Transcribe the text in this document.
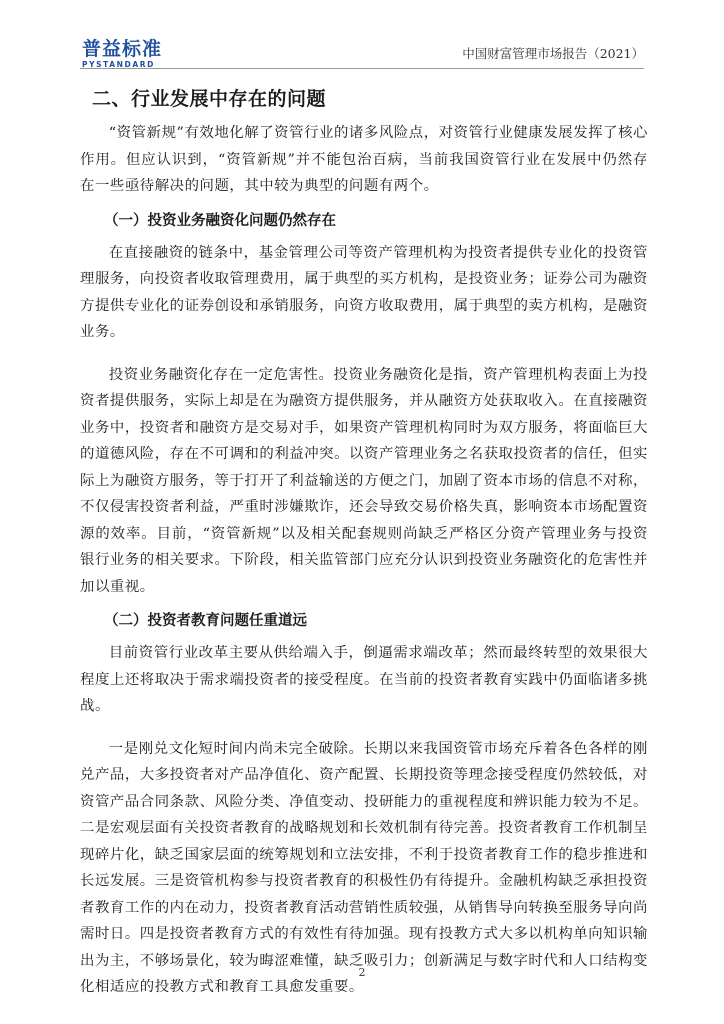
普益标准
PYSTANDARD
中国财富管理市场报告（2021）
二、行业发展中存在的问题

“资管新规”有效地化解了资管行业的诸多风险点，对资管行业健康发展发挥了核心作用。但应认识到，“资管新规”并不能包治百病，当前我国资管行业在发展中仍然存在一些亟待解决的问题，其中较为典型的问题有两个。

（一）投资业务融资化问题仍然存在

在直接融资的链条中，基金管理公司等资产管理机构为投资者提供专业化的投资管理服务，向投资者收取管理费用，属于典型的买方机构，是投资业务；证券公司为融资方提供专业化的证券创设和承销服务，向资方收取费用，属于典型的卖方机构，是融资业务。

投资业务融资化存在一定危害性。投资业务融资化是指，资产管理机构表面上为投资者提供服务，实际上却是在为融资方提供服务，并从融资方处获取收入。在直接融资业务中，投资者和融资方是交易对手，如果资产管理机构同时为双方服务，将面临巨大的道德风险，存在不可调和的利益冲突。以资产管理业务之名获取投资者的信任，但实际上为融资方服务，等于打开了利益输送的方便之门，加剧了资本市场的信息不对称，不仅侵害投资者利益，严重时涉嫌欺诈，还会导致交易价格失真，影响资本市场配置资源的效率。目前，“资管新规”以及相关配套规则尚缺乏严格区分资产管理业务与投资银行业务的相关要求。下阶段，相关监管部门应充分认识到投资业务融资化的危害性并加以重视。

（二）投资者教育问题任重道远

目前资管行业改革主要从供给端入手，倒逼需求端改革；然而最终转型的效果很大程度上还将取决于需求端投资者的接受程度。在当前的投资者教育实践中仍面临诸多挑战。

一是刚兑文化短时间内尚未完全破除。长期以来我国资管市场充斥着各色各样的刚兑产品，大多投资者对产品净值化、资产配置、长期投资等理念接受程度仍然较低，对资管产品合同条款、风险分类、净值变动、投研能力的重视程度和辨识能力较为不足。二是宏观层面有关投资者教育的战略规划和长效机制有待完善。投资者教育工作机制呈现碎片化，缺乏国家层面的统筹规划和立法安排，不利于投资者教育工作的稳步推进和长远发展。三是资管机构参与投资者教育的积极性仍有待提升。金融机构缺乏承担投资者教育工作的内在动力，投资者教育活动营销性质较强，从销售导向转换至服务导向尚需时日。四是投资者教育方式的有效性有待加强。现有投教方式大多以机构单向知识输出为主，不够场景化，较为晦涩难懂，缺乏吸引力；创新满足与数字时代和人口结构变化相适应的投教方式和教育工具愈发重要。

2
